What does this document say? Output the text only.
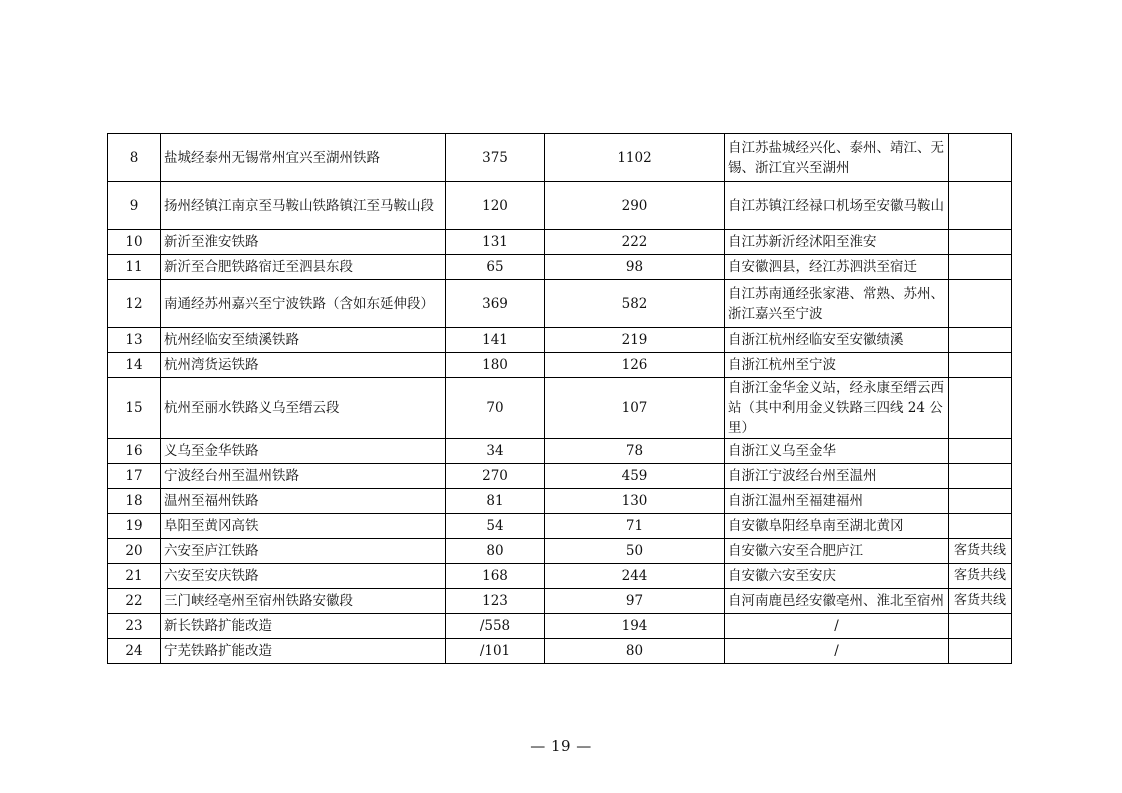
8	盐城经泰州无锡常州宜兴至湖州铁路	375	1102	自江苏盐城经兴化、泰州、靖江、无锡、浙江宜兴至湖州	
9	扬州经镇江南京至马鞍山铁路镇江至马鞍山段	120	290	自江苏镇江经禄口机场至安徽马鞍山	
10	新沂至淮安铁路	131	222	自江苏新沂经沭阳至淮安	
11	新沂至合肥铁路宿迁至泗县东段	65	98	自安徽泗县，经江苏泗洪至宿迁	
12	南通经苏州嘉兴至宁波铁路（含如东延伸段）	369	582	自江苏南通经张家港、常熟、苏州、浙江嘉兴至宁波	
13	杭州经临安至绩溪铁路	141	219	自浙江杭州经临安至安徽绩溪	
14	杭州湾货运铁路	180	126	自浙江杭州至宁波	
15	杭州至丽水铁路义乌至缙云段	70	107	自浙江金华金义站，经永康至缙云西站（其中利用金义铁路三四线 24 公里）	
16	义乌至金华铁路	34	78	自浙江义乌至金华	
17	宁波经台州至温州铁路	270	459	自浙江宁波经台州至温州	
18	温州至福州铁路	81	130	自浙江温州至福建福州	
19	阜阳至黄冈高铁	54	71	自安徽阜阳经阜南至湖北黄冈	
20	六安至庐江铁路	80	50	自安徽六安至合肥庐江	客货共线
21	六安至安庆铁路	168	244	自安徽六安至安庆	客货共线
22	三门峡经亳州至宿州铁路安徽段	123	97	自河南鹿邑经安徽亳州、淮北至宿州	客货共线
23	新长铁路扩能改造	/558	194	/	
24	宁芜铁路扩能改造	/101	80	/	
— 19 —
